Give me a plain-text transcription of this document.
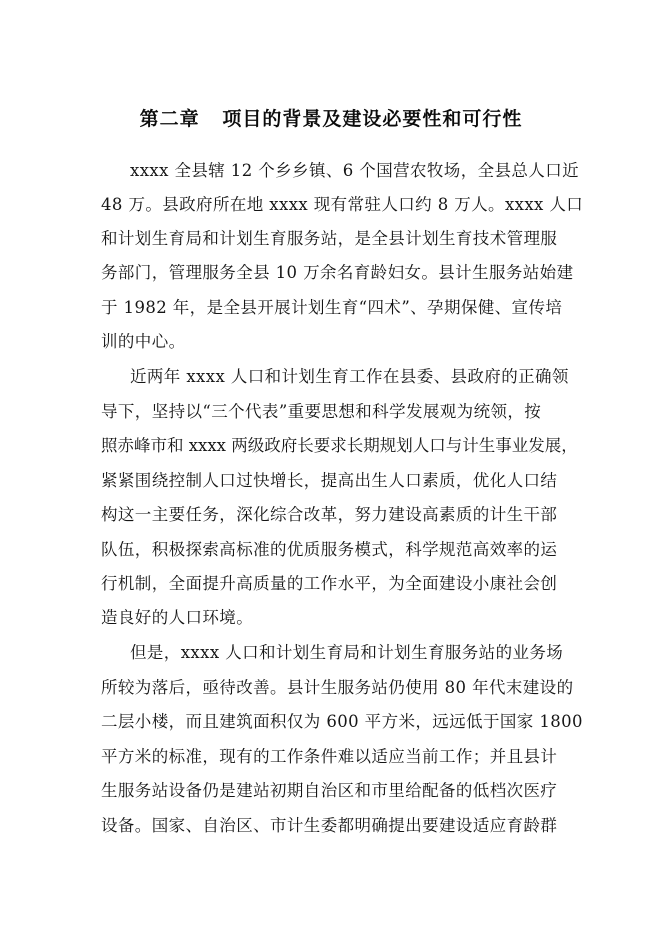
第二章   项目的背景及建设必要性和可行性
xxxx 全县辖 12 个乡乡镇、6 个国营农牧场，全县总人口近
48 万。县政府所在地 xxxx 现有常驻人口约 8 万人。xxxx 人口
和计划生育局和计划生育服务站，是全县计划生育技术管理服
务部门，管理服务全县 10 万余名育龄妇女。县计生服务站始建
于 1982 年，是全县开展计划生育“四术”、孕期保健、宣传培
训的中心。
近两年 xxxx 人口和计划生育工作在县委、县政府的正确领
导下，坚持以“三个代表”重要思想和科学发展观为统领，按
照赤峰市和 xxxx 两级政府长要求长期规划人口与计生事业发展，
紧紧围绕控制人口过快增长，提高出生人口素质，优化人口结
构这一主要任务，深化综合改革，努力建设高素质的计生干部
队伍，积极探索高标准的优质服务模式，科学规范高效率的运
行机制，全面提升高质量的工作水平，为全面建设小康社会创
造良好的人口环境。
但是，xxxx 人口和计划生育局和计划生育服务站的业务场
所较为落后，亟待改善。县计生服务站仍使用 80 年代末建设的
二层小楼，而且建筑面积仅为 600 平方米，远远低于国家 1800
平方米的标准，现有的工作条件难以适应当前工作；并且县计
生服务站设备仍是建站初期自治区和市里给配备的低档次医疗
设备。国家、自治区、市计生委都明确提出要建设适应育龄群
